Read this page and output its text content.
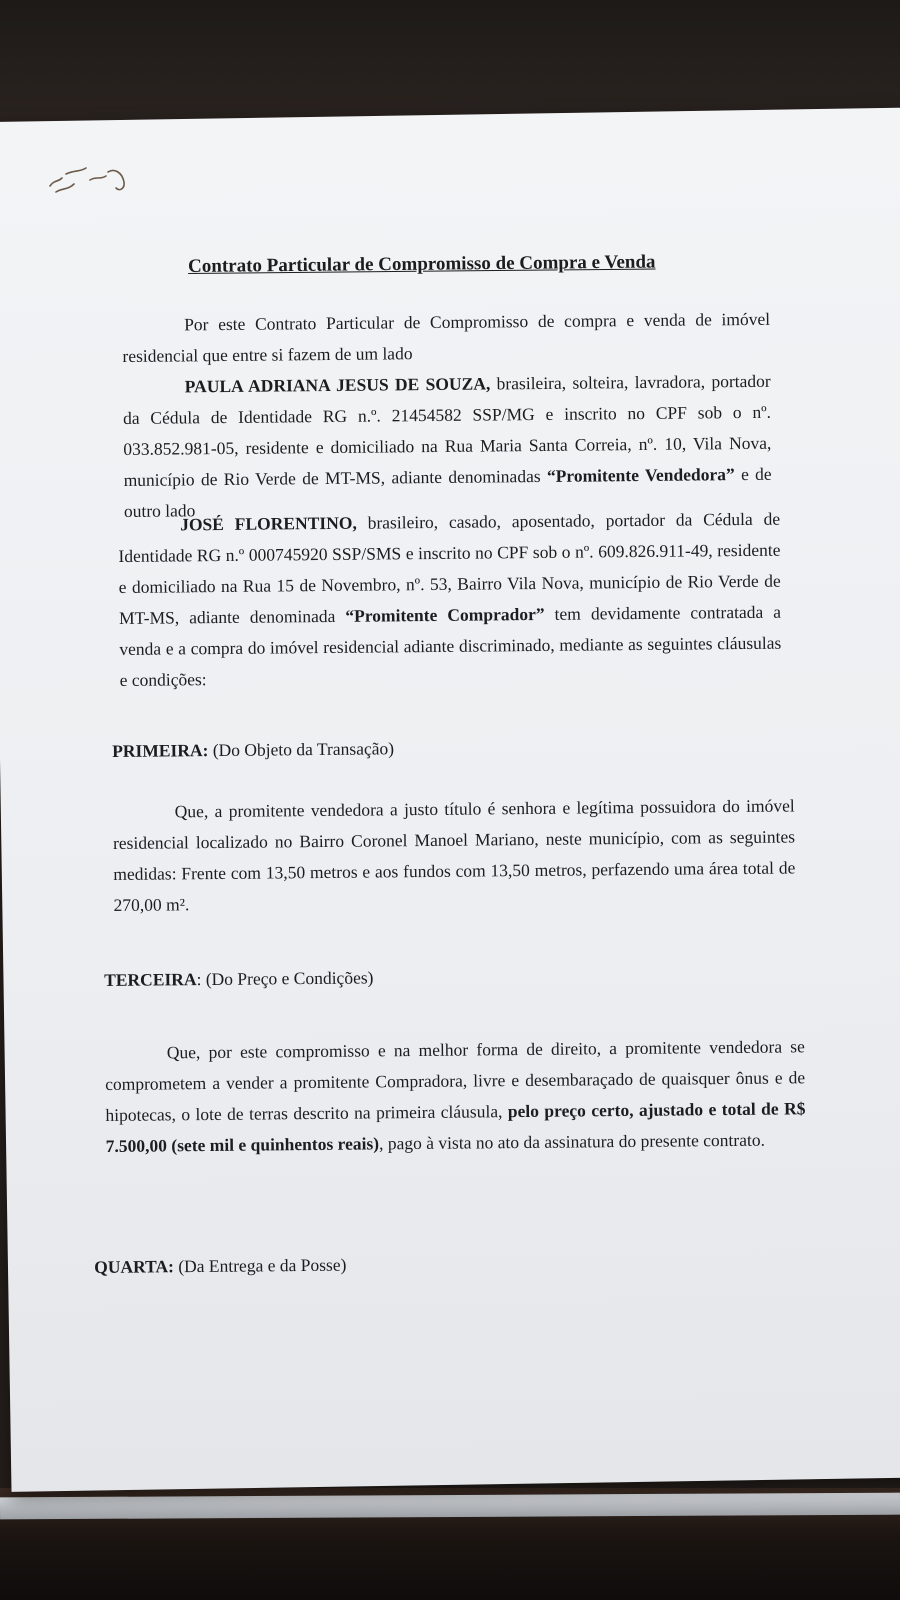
Contrato Particular de Compromisso de Compra e Venda

Por este Contrato Particular de Compromisso de compra e venda de imóvel residencial que entre si fazem de um lado

PAULA ADRIANA JESUS DE SOUZA, brasileira, solteira, lavradora, portador da Cédula de Identidade RG n.º. 21454582 SSP/MG e inscrito no CPF sob o nº. 033.852.981-05, residente e domiciliado na Rua Maria Santa Correia, nº. 10, Vila Nova, município de Rio Verde de MT-MS, adiante denominadas “Promitente Vendedora” e de outro lado

JOSÉ FLORENTINO, brasileiro, casado, aposentado, portador da Cédula de Identidade RG n.º 000745920 SSP/SMS e inscrito no CPF sob o nº. 609.826.911-49, residente e domiciliado na Rua 15 de Novembro, nº. 53, Bairro Vila Nova, município de Rio Verde de MT-MS, adiante denominada “Promitente Comprador” tem devidamente contratada a venda e a compra do imóvel residencial adiante discriminado, mediante as seguintes cláusulas e condições:

PRIMEIRA: (Do Objeto da Transação)

Que, a promitente vendedora a justo título é senhora e legítima possuidora do imóvel residencial localizado no Bairro Coronel Manoel Mariano, neste município, com as seguintes medidas: Frente com 13,50 metros e aos fundos com 13,50 metros, perfazendo uma área total de 270,00 m².

TERCEIRA: (Do Preço e Condições)

Que, por este compromisso e na melhor forma de direito, a promitente vendedora se comprometem a vender a promitente Compradora, livre e desembaraçado de quaisquer ônus e de hipotecas, o lote de terras descrito na primeira cláusula, pelo preço certo, ajustado e total de R$ 7.500,00 (sete mil e quinhentos reais), pago à vista no ato da assinatura do presente contrato.

QUARTA: (Da Entrega e da Posse)
